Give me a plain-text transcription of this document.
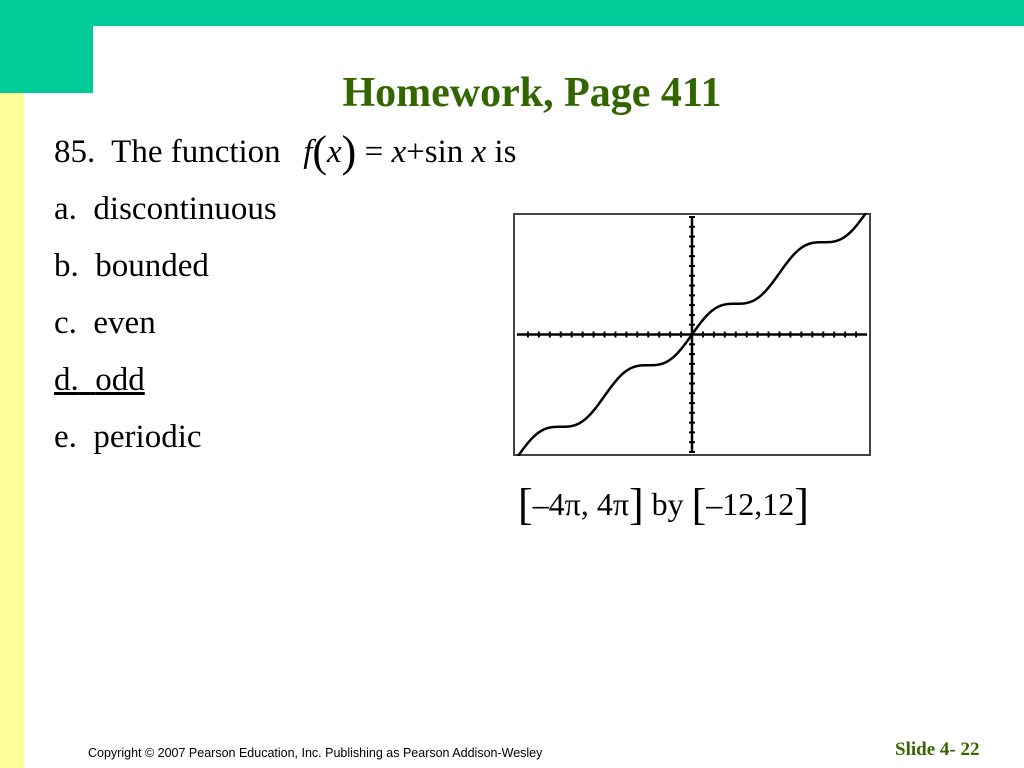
Homework, Page 411
85. The function f(x) = x+sin x is
a. discontinuous
b. bounded
c. even
d. odd
e. periodic
[–4π, 4π] by [–12,12]
Copyright © 2007 Pearson Education, Inc. Publishing as Pearson Addison-Wesley	Slide 4- 22
